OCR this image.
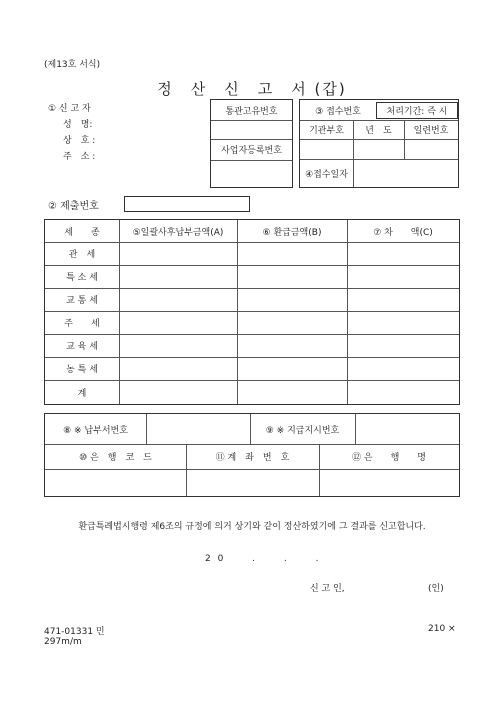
(제13호 서식)
정　산　신　고　서 (갑)
① 신 고 자
성　명:
상　호 :
주　소 :
통관고유번호
사업자등록번호
③ 접수번호	처리기간: 즉 시
기관부호	년　도	일련번호
④접수일자
② 제출번호
세　　종	⑤일괄사후납부금액(A)	⑥ 환급금액(B)	⑦ 차　　액(C)
관　세
특 소 세
교 통 세
주　　세
교 육 세
농 특 세
계
⑧ ※ 납부서번호	⑨ ※ 지급지시번호
⑩ 은　행　코　드	⑪ 계　좌　번　호	⑫ 은　　행　　명
환급특례법시행령 제6조의 규정에 의거 상기와 같이 정산하였기에 그 결과를 신고합니다.
2 0　　 .　　 .　　 .
신 고 인,	(인)
471-01331 민
297m/m
210 ×
